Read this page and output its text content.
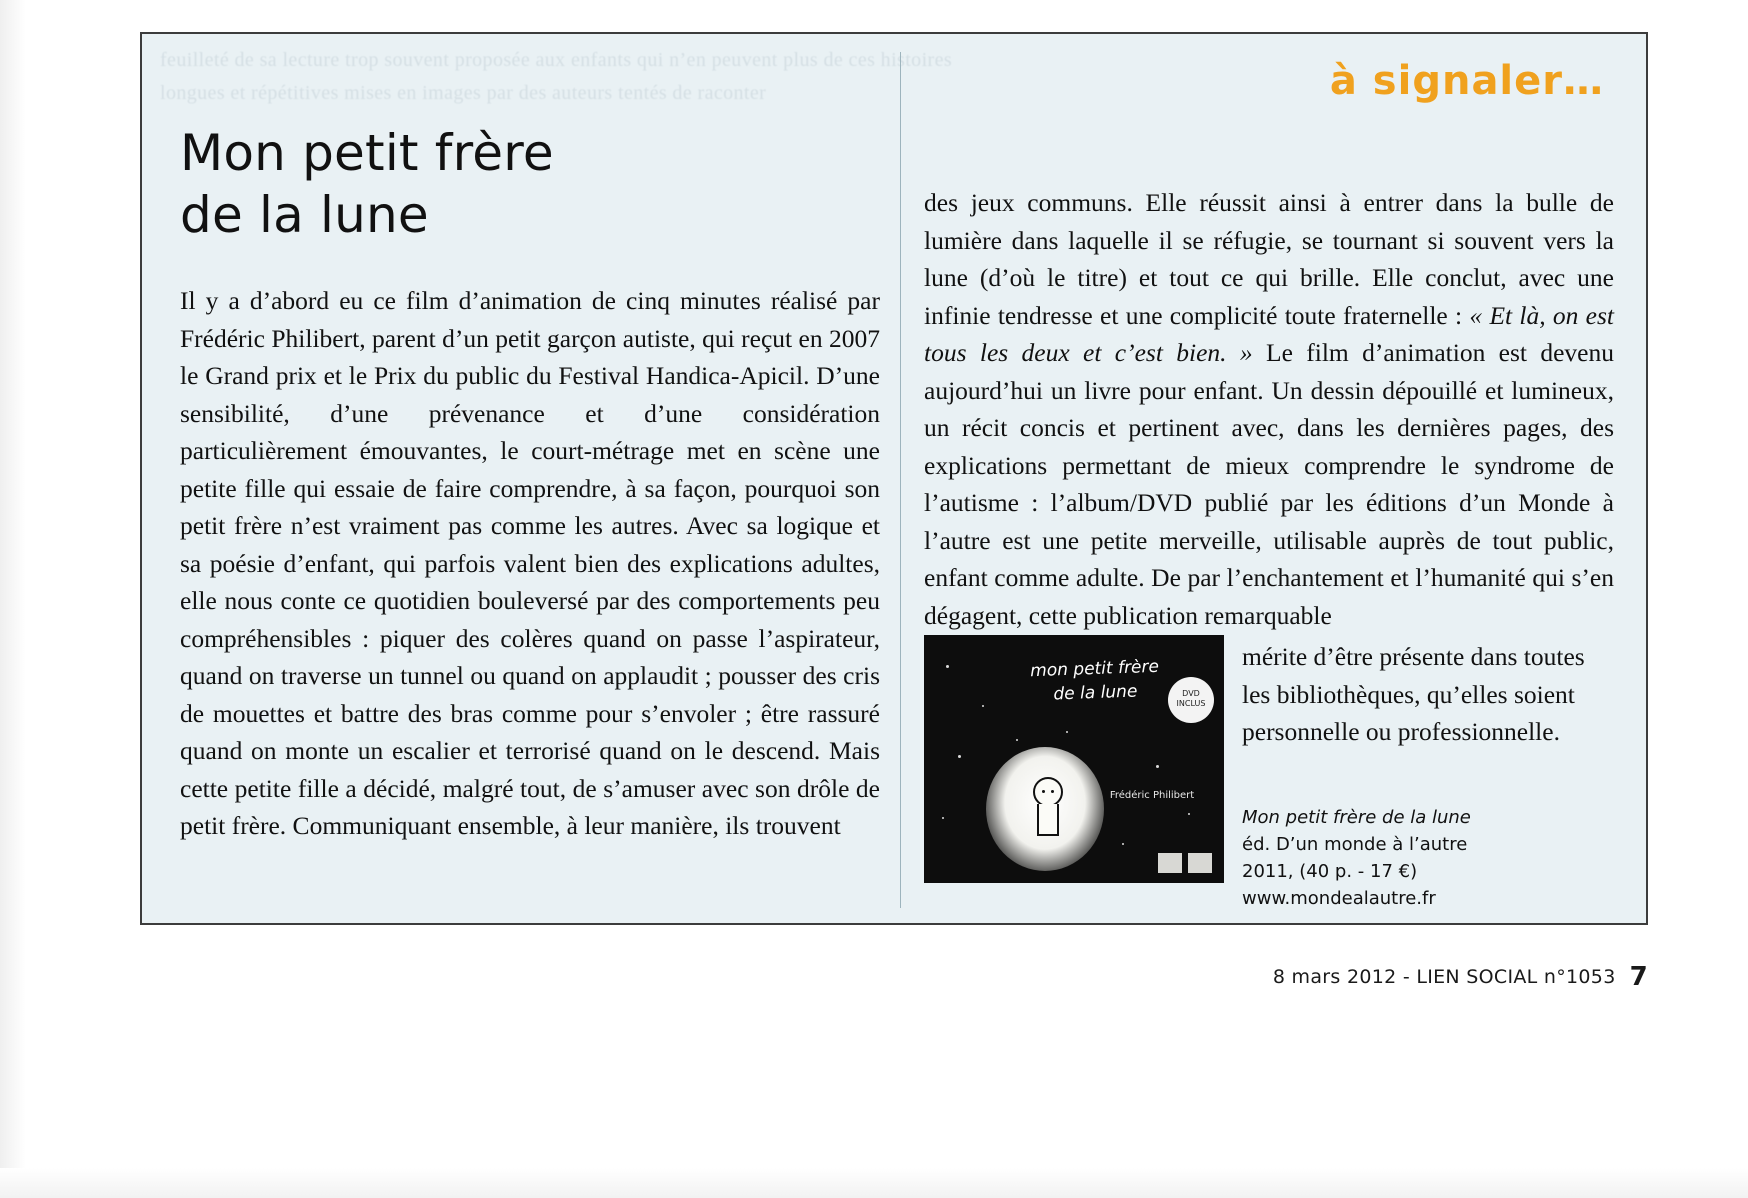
feuilleté de sa lecture trop souvent proposée aux enfants qui n’en peuvent plus de ces histoires longues et répétitives mises en images par des auteurs tentés de raconter	à signaler…
Mon petit frère
de la lune

Il y a d’abord eu ce film d’animation de cinq minutes réalisé par Frédéric Philibert, parent d’un petit garçon autiste, qui reçut en 2007 le Grand prix et le Prix du public du Festival Handica-Apicil. D’une sensibilité, d’une prévenance et d’une considération particulièrement émouvantes, le court-métrage met en scène une petite fille qui essaie de faire comprendre, à sa façon, pourquoi son petit frère n’est vraiment pas comme les autres. Avec sa logique et sa poésie d’enfant, qui parfois valent bien des explications adultes, elle nous conte ce quotidien bouleversé par des comportements peu compréhensibles : piquer des colères quand on passe l’aspirateur, quand on traverse un tunnel ou quand on applaudit ; pousser des cris de mouettes et battre des bras comme pour s’envoler ; être rassuré quand on monte un escalier et terrorisé quand on le descend. Mais cette petite fille a décidé, malgré tout, de s’amuser avec son drôle de petit frère. Communiquant ensemble, à leur manière, ils trouvent

des jeux communs. Elle réussit ainsi à entrer dans la bulle de lumière dans laquelle il se réfugie, se tournant si souvent vers la lune (d’où le titre) et tout ce qui brille. Elle conclut, avec une infinie tendresse et une complicité toute fraternelle : « Et là, on est tous les deux et c’est bien. » Le film d’animation est devenu aujourd’hui un livre pour enfant. Un dessin dépouillé et lumineux, un récit concis et pertinent avec, dans les dernières pages, des explications permettant de mieux comprendre le syndrome de l’autisme : l’album/DVD publié par les éditions d’un Monde à l’autre est une petite merveille, utilisable auprès de tout public, enfant comme adulte. De par l’enchantement et l’humanité qui s’en dégagent, cette publication remarquable

mon petit frère de la lune	DVD INCLUS
Frédéric Philibert
mérite d’être présente dans toutes les bibliothèques, qu’elles soient personnelle ou professionnelle.
Mon petit frère de la lune
éd. D’un monde à l’autre
2011, (40 p. - 17 €)
www.mondealautre.fr
8 mars 2012 - LIEN SOCIAL n°1053 7
